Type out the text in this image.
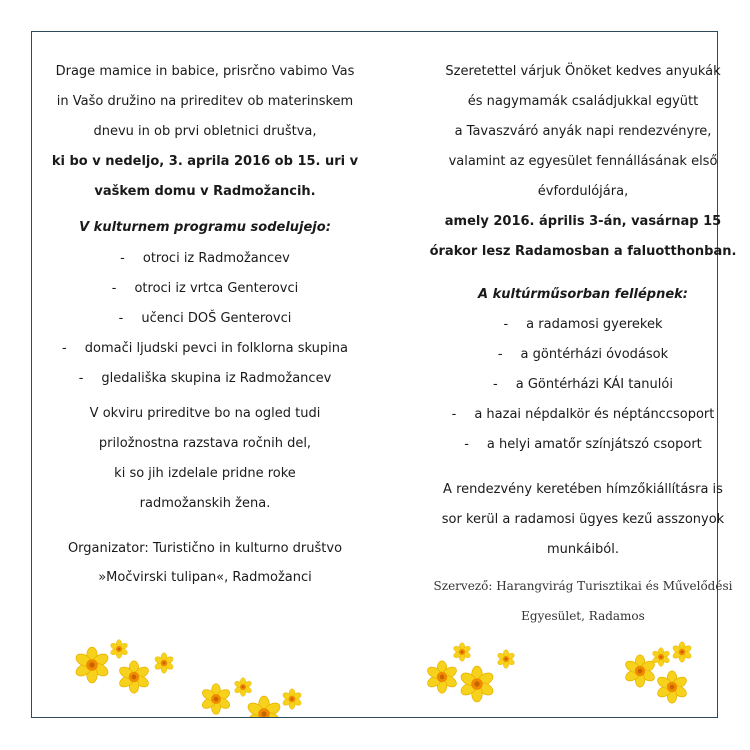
Drage mamice in babice, prisrčno vabimo Vas
in Vašo družino na prireditev ob materinskem
dnevu in ob prvi obletnici društva,
ki bo v nedeljo, 3. aprila 2016 ob 15. uri v
vaškem domu v Radmožancih.
V kulturnem programu sodelujejo:
- otroci iz Radmožancev
- otroci iz vrtca Genterovci
- učenci DOŠ Genterovci
- domači ljudski pevci in folklorna skupina
- gledališka skupina iz Radmožancev
V okviru prireditve bo na ogled tudi
priložnostna razstava ročnih del,
ki so jih izdelale pridne roke
radmožanskih žena.
Organizator: Turistično in kulturno društvo
»Močvirski tulipan«, Radmožanci
Szeretettel várjuk Önöket kedves anyukák
és nagymamák családjukkal együtt
a Tavaszváró anyák napi rendezvényre,
valamint az egyesület fennállásának első
évfordulójára,
amely 2016. április 3-án, vasárnap 15
órakor lesz Radamosban a faluotthonban.
A kultúrműsorban fellépnek:
- a radamosi gyerekek
- a göntérházi óvodások
- a Göntérházi KÁI tanulói
- a hazai népdalkör és néptánccsoport
- a helyi amatőr színjátszó csoport
A rendezvény keretében hímzőkiállításra is
sor kerül a radamosi ügyes kezű asszonyok
munkáiból.
Szervező: Harangvirág Turisztikai és Művelődési
Egyesület, Radamos
